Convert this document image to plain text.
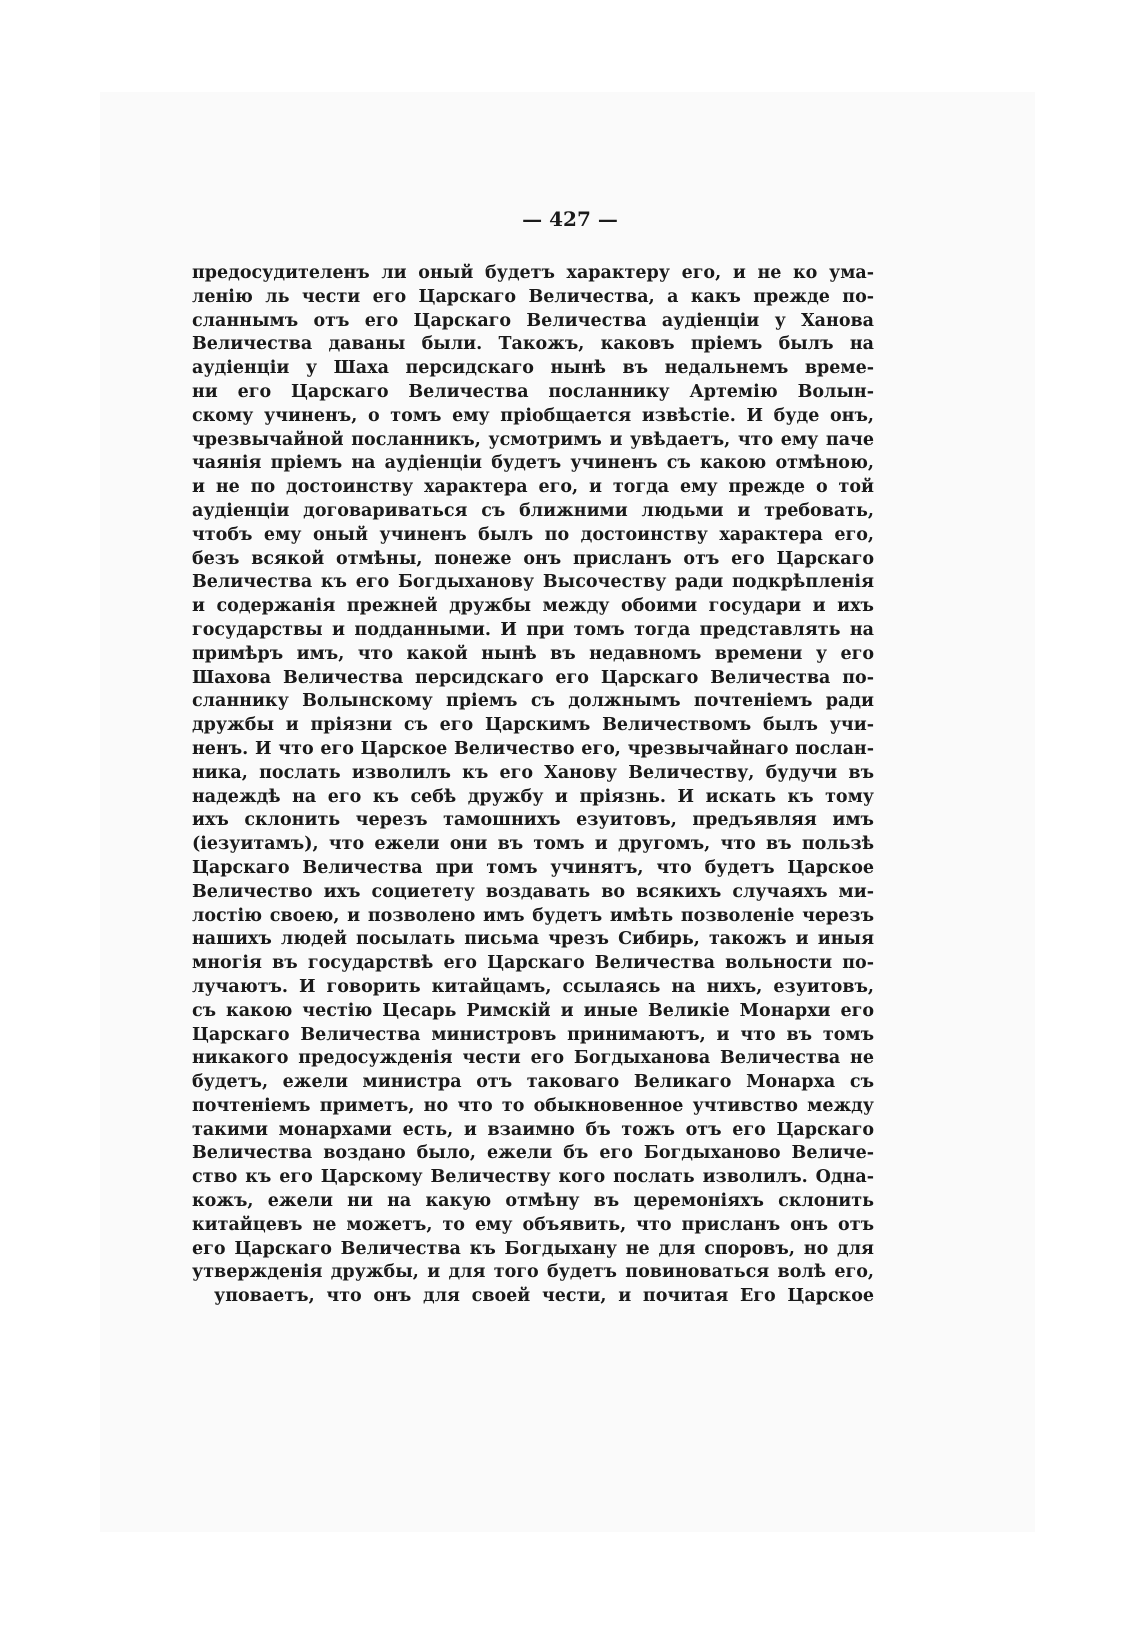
— 427 —
предосудителенъ ли оный будетъ характеру его, и не ко ума-
ленію ль чести его Царскаго Величества, а какъ прежде по-
сланнымъ отъ его Царскаго Величества аудіенціи у Ханова
Величества даваны были. Такожъ, каковъ пріемъ былъ на
аудіенціи у Шаха персидскаго нынѣ въ недальнемъ време-
ни его Царскаго Величества посланнику Артемію Волын-
скому учиненъ, о томъ ему пріобщается извѣстіе. И буде онъ,
чрезвычайной посланникъ, усмотримъ и увѣдаетъ, что ему паче
чаянія пріемъ на аудіенціи будетъ учиненъ съ какою отмѣною,
и не по достоинству характера его, и тогда ему прежде о той
аудіенціи договариваться съ ближними людьми и требовать,
чтобъ ему оный учиненъ былъ по достоинству характера его,
безъ всякой отмѣны, понеже онъ присланъ отъ его Царскаго
Величества къ его Богдыханову Высочеству ради подкрѣпленія
и содержанія прежней дружбы между обоими государи и ихъ
государствы и подданными. И при томъ тогда представлять на
примѣръ имъ, что какой нынѣ въ недавномъ времени у его
Шахова Величества персидскаго его Царскаго Величества по-
сланнику Волынскому пріемъ съ должнымъ почтеніемъ ради
дружбы и пріязни съ его Царскимъ Величествомъ былъ учи-
ненъ. И что его Царское Величество его, чрезвычайнаго послан-
ника, послать изволилъ къ его Ханову Величеству, будучи въ
надеждѣ на его къ себѣ дружбу и пріязнь. И искать къ тому
ихъ склонить черезъ тамошнихъ езуитовъ, предъявляя имъ
(іезуитамъ), что ежели они въ томъ и другомъ, что въ пользѣ
Царскаго Величества при томъ учинятъ, что будетъ Царское
Величество ихъ социетету воздавать во всякихъ случаяхъ ми-
лостію своею, и позволено имъ будетъ имѣть позволеніе черезъ
нашихъ людей посылать письма чрезъ Сибирь, такожъ и иныя
многія въ государствѣ его Царскаго Величества вольности по-
лучаютъ. И говорить китайцамъ, ссылаясь на нихъ, езуитовъ,
съ какою честію Цесарь Римскій и иные Великіе Монархи его
Царскаго Величества министровъ принимаютъ, и что въ томъ
никакого предосужденія чести его Богдыханова Величества не
будетъ, ежели министра отъ таковаго Великаго Монарха съ
почтеніемъ приметъ, но что то обыкновенное учтивство между
такими монархами есть, и взаимно бъ тожъ отъ его Царскаго
Величества воздано было, ежели бъ его Богдыханово Величе-
ство къ его Царскому Величеству кого послать изволилъ. Однa-
кожъ, ежели ни на какую отмѣну въ церемоніяхъ склонить
китайцевъ не можетъ, то ему объявить, что присланъ онъ отъ
его Царскаго Величества къ Богдыхану не для споровъ, но для
утвержденія дружбы, и для того будетъ повиноваться волѣ его,
уповаетъ, что онъ для своей чести, и почитая Его Царское
